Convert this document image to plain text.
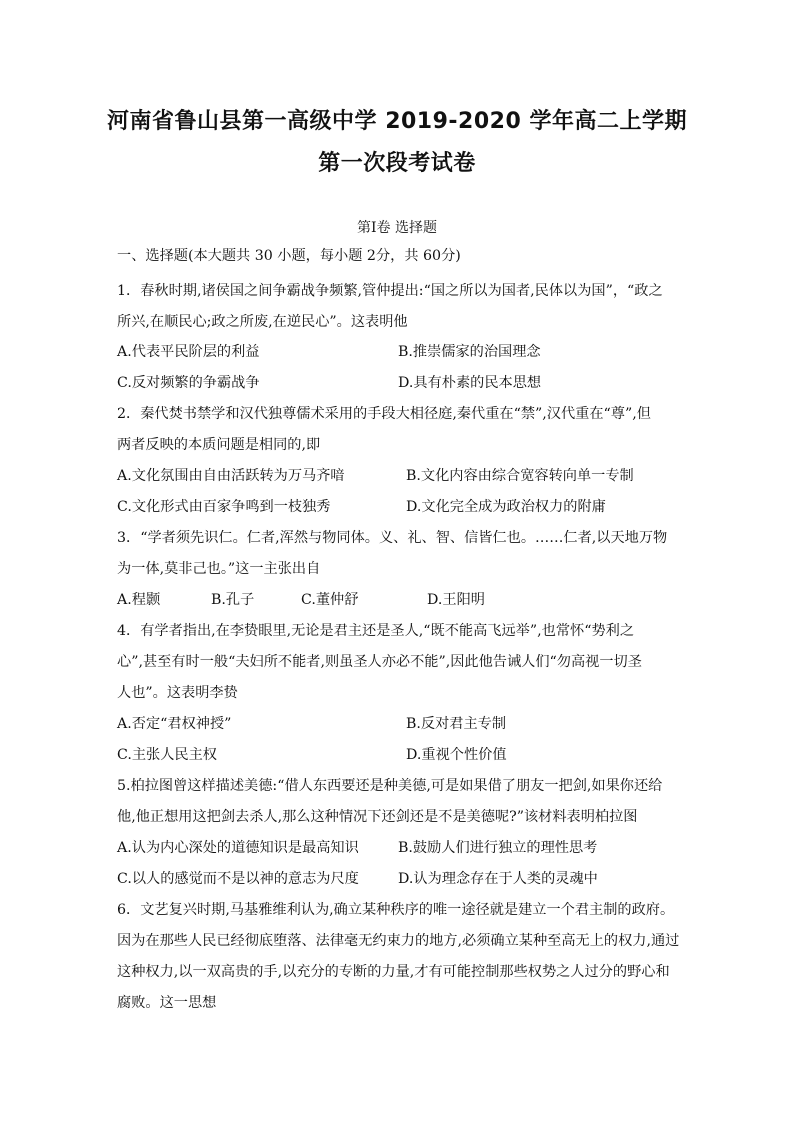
河南省鲁山县第一高级中学 2019-2020 学年高二上学期
第一次段考试卷
第Ⅰ卷 选择题
一、选择题(本大题共 30 小题，每小题 2分，共 60分)
1．春秋时期,诸侯国之间争霸战争频繁,管仲提出:“国之所以为国者,民体以为国”，“政之
所兴,在顺民心;政之所废,在逆民心”。这表明他
A.代表平民阶层的利益	B.推崇儒家的治国理念
C.反对频繁的争霸战争	D.具有朴素的民本思想
2．秦代焚书禁学和汉代独尊儒术采用的手段大相径庭,秦代重在“禁”,汉代重在“尊”,但
两者反映的本质问题是相同的,即
A.文化氛围由自由活跃转为万马齐喑	B.文化内容由综合宽容转向单一专制
C.文化形式由百家争鸣到一枝独秀	D.文化完全成为政治权力的附庸
3．“学者须先识仁。仁者,浑然与物同体。义、礼、智、信皆仁也。……仁者,以天地万物
为一体,莫非己也。”这一主张出自
A.程颢	B.孔子	C.董仲舒	D.王阳明
4．有学者指出,在李贽眼里,无论是君主还是圣人,“既不能高飞远举”,也常怀“势利之
心”,甚至有时一般“夫妇所不能者,则虽圣人亦必不能”,因此他告诫人们“勿高视一切圣
人也”。这表明李贽
A.否定“君权神授”	B.反对君主专制
C.主张人民主权	D.重视个性价值
5.柏拉图曾这样描述美德:“借人东西要还是种美德,可是如果借了朋友一把剑,如果你还给
他,他正想用这把剑去杀人,那么这种情况下还剑还是不是美德呢?”该材料表明柏拉图
A.认为内心深处的道德知识是最高知识	B.鼓励人们进行独立的理性思考
C.以人的感觉而不是以神的意志为尺度	D.认为理念存在于人类的灵魂中
6．文艺复兴时期,马基雅维利认为,确立某种秩序的唯一途径就是建立一个君主制的政府。
因为在那些人民已经彻底堕落、法律毫无约束力的地方,必须确立某种至高无上的权力,通过
这种权力,以一双高贵的手,以充分的专断的力量,才有可能控制那些权势之人过分的野心和
腐败。这一思想
